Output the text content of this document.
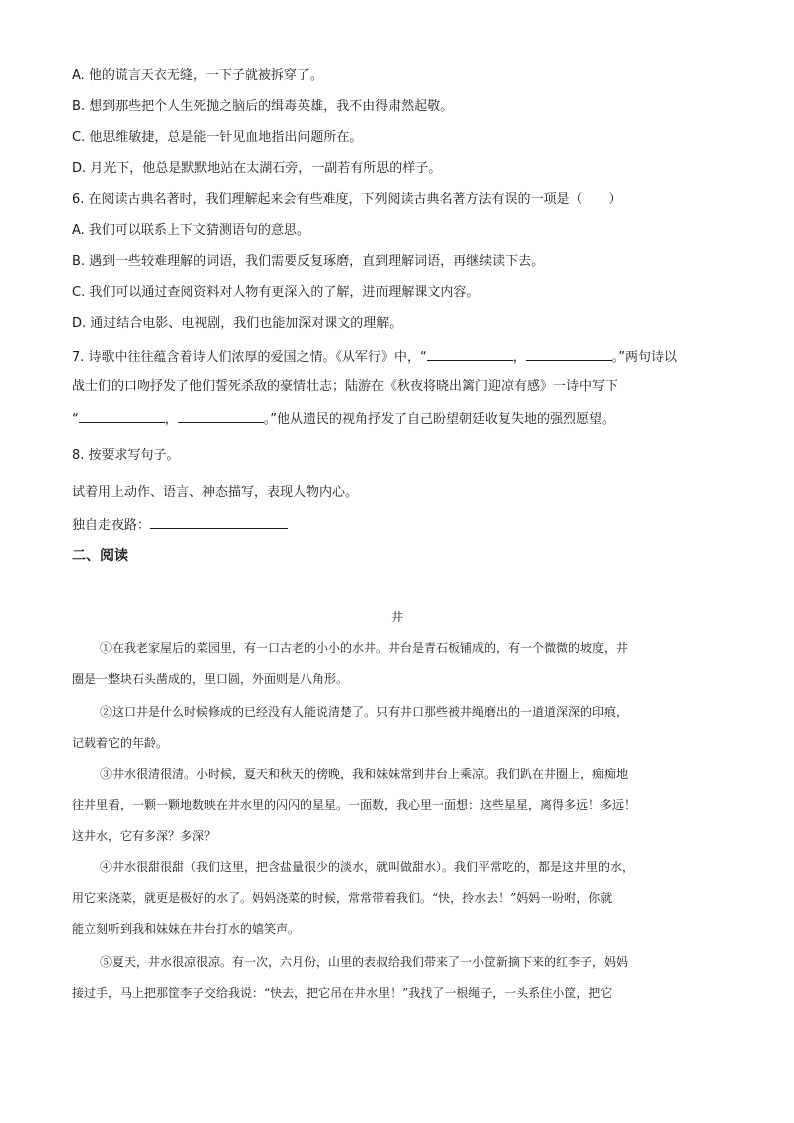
A. 他的谎言天衣无缝，一下子就被拆穿了。
B. 想到那些把个人生死抛之脑后的缉毒英雄，我不由得肃然起敬。
C. 他思维敏捷，总是能一针见血地指出问题所在。
D. 月光下，他总是默默地站在太湖石旁，一副若有所思的样子。
6. 在阅读古典名著时，我们理解起来会有些难度，下列阅读古典名著方法有误的一项是（　　）
A. 我们可以联系上下文猜测语句的意思。
B. 遇到一些较难理解的词语，我们需要反复琢磨，直到理解词语，再继续读下去。
C. 我们可以通过查阅资料对人物有更深入的了解，进而理解课文内容。
D. 通过结合电影、电视剧，我们也能加深对课文的理解。
7. 诗歌中往往蕴含着诗人们浓厚的爱国之情。《从军行》中，“	，	。”两句诗以
战士们的口吻抒发了他们誓死杀敌的豪情壮志；陆游在《秋夜将晓出篱门迎凉有感》一诗中写下
“	，	。”他从遗民的视角抒发了自己盼望朝廷收复失地的强烈愿望。
8. 按要求写句子。
试着用上动作、语言、神态描写，表现人物内心。
独自走夜路：
二、阅读
井
①在我老家屋后的菜园里，有一口古老的小小的水井。井台是青石板铺成的，有一个微微的坡度，井
圈是一整块石头凿成的，里口圆，外面则是八角形。
②这口井是什么时候修成的已经没有人能说清楚了。只有井口那些被井绳磨出的一道道深深的印痕，
记载着它的年龄。
③井水很清很清。小时候，夏天和秋天的傍晚，我和妹妹常到井台上乘凉。我们趴在井圈上，痴痴地
往井里看，一颗一颗地数映在井水里的闪闪的星星。一面数，我心里一面想：这些星星，离得多远！多远！
这井水，它有多深？多深？
④井水很甜很甜（我们这里，把含盐量很少的淡水，就叫做甜水）。我们平常吃的，都是这井里的水，
用它来浇菜，就更是极好的水了。妈妈浇菜的时候，常常带着我们。“快，拎水去！”妈妈一吩咐，你就
能立刻听到我和妹妹在井台打水的嬉笑声。
⑤夏天，井水很凉很凉。有一次，六月份，山里的表叔给我们带来了一小筐新摘下来的红李子，妈妈
接过手，马上把那筐李子交给我说：“快去，把它吊在井水里！”我找了一根绳子，一头系住小筐，把它
